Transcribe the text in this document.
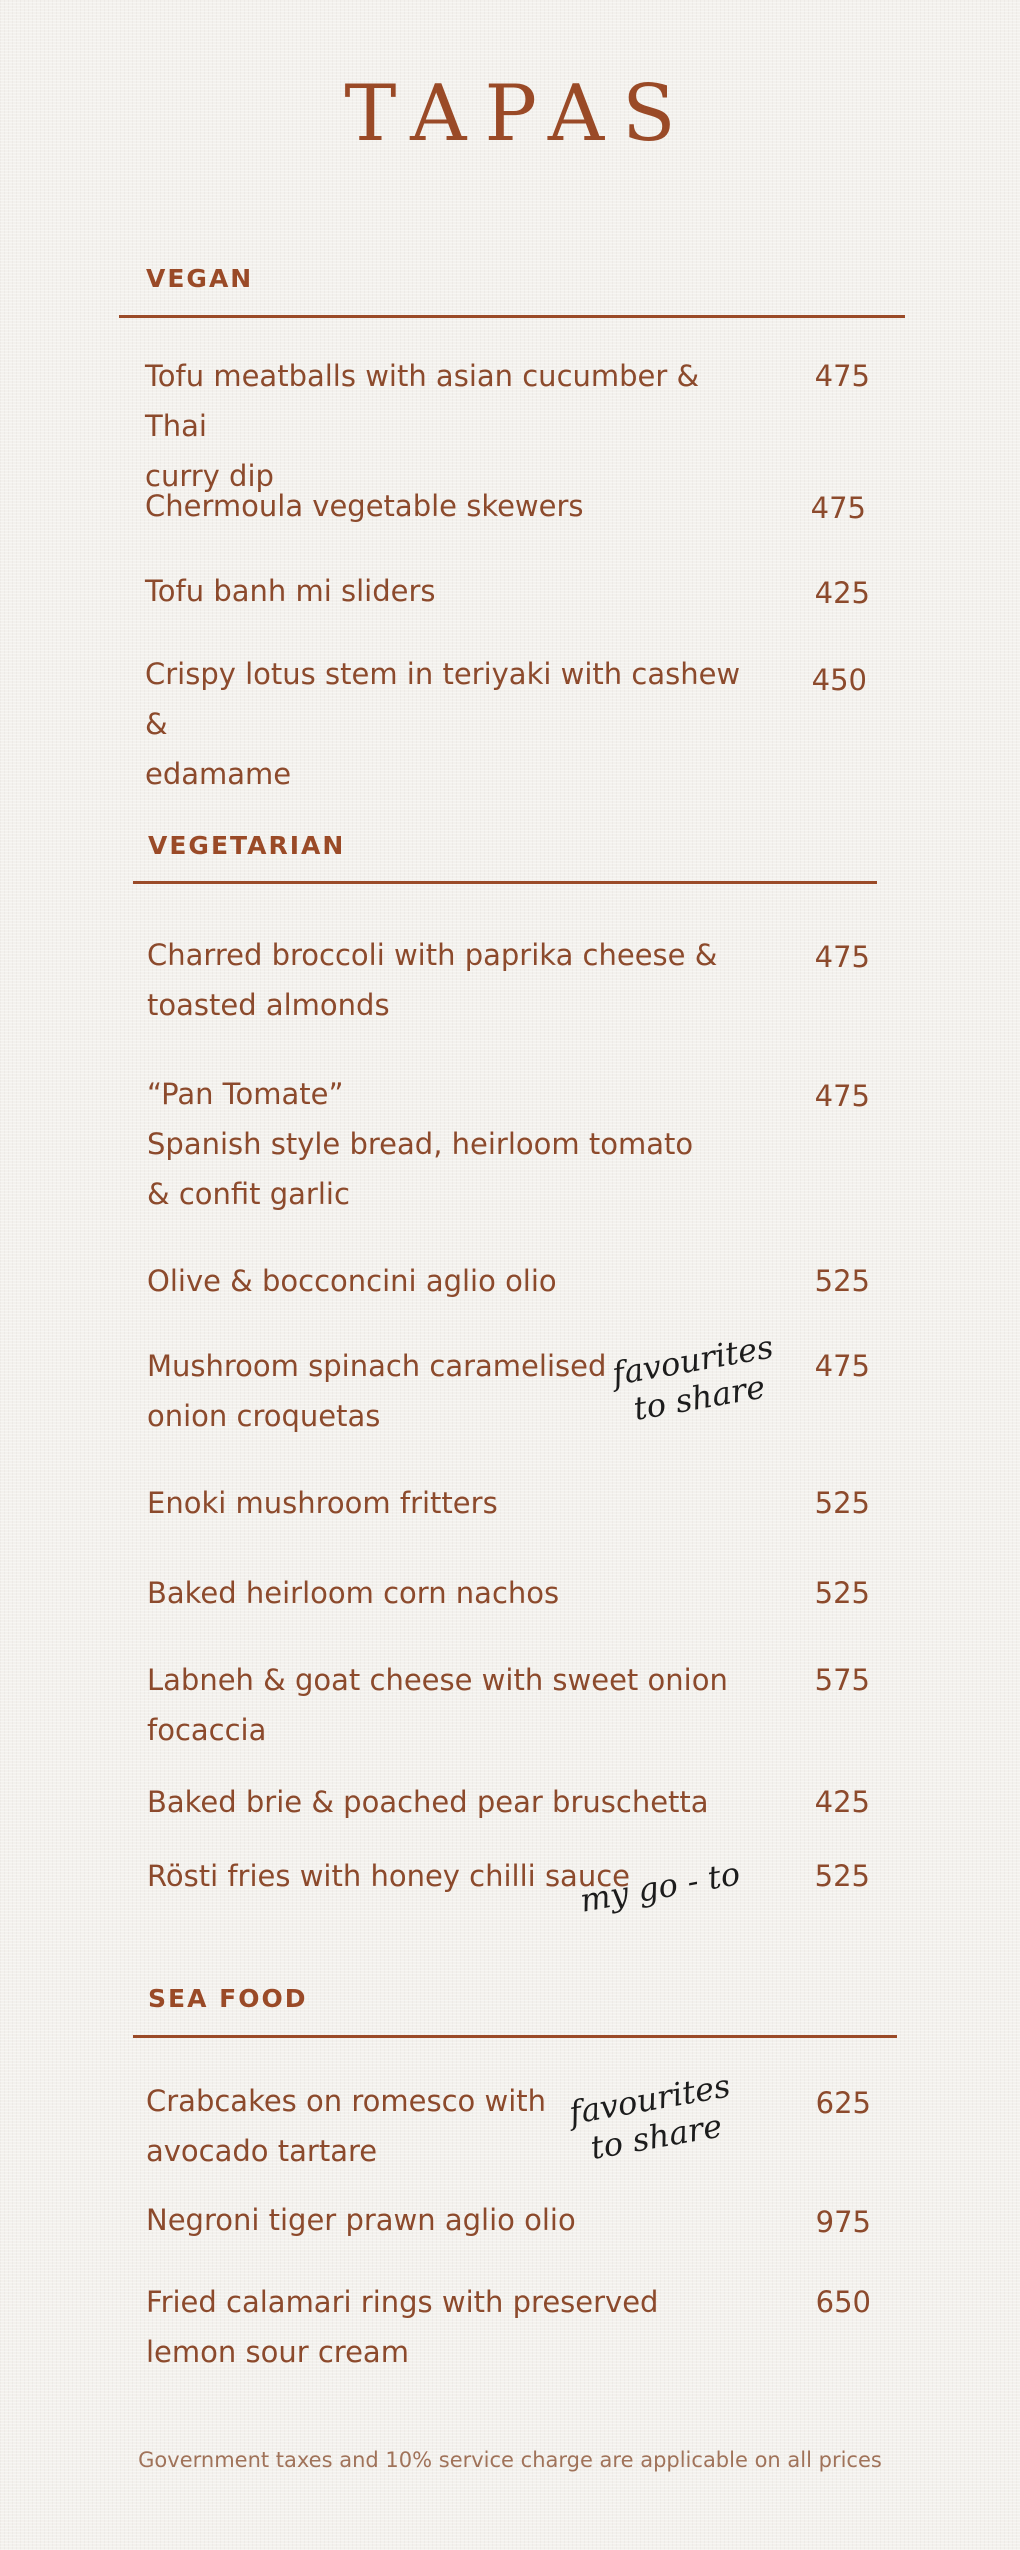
TAPAS
VEGAN
Tofu meatballs with asian cucumber & Thai
curry dip
475
Chermoula vegetable skewers	475
Tofu banh mi sliders	425
Crispy lotus stem in teriyaki with cashew &
edamame
450
VEGETARIAN
Charred broccoli with paprika cheese &
toasted almonds
475
“Pan Tomate”
Spanish style bread, heirloom tomato
& confit garlic
475
Olive & bocconcini aglio olio	525
Mushroom spinach caramelised
onion croquetas
475
Enoki mushroom fritters	525
Baked heirloom corn nachos	525
Labneh & goat cheese with sweet onion
focaccia
575
Baked brie & poached pear bruschetta	425
Rösti fries with honey chilli sauce	525
SEA FOOD
Crabcakes on romesco with
avocado tartare
625
Negroni tiger prawn aglio olio	975
Fried calamari rings with preserved
lemon sour cream
650
favourites
to share
my go - to
favourites
to share
Government taxes and 10% service charge are applicable on all prices
